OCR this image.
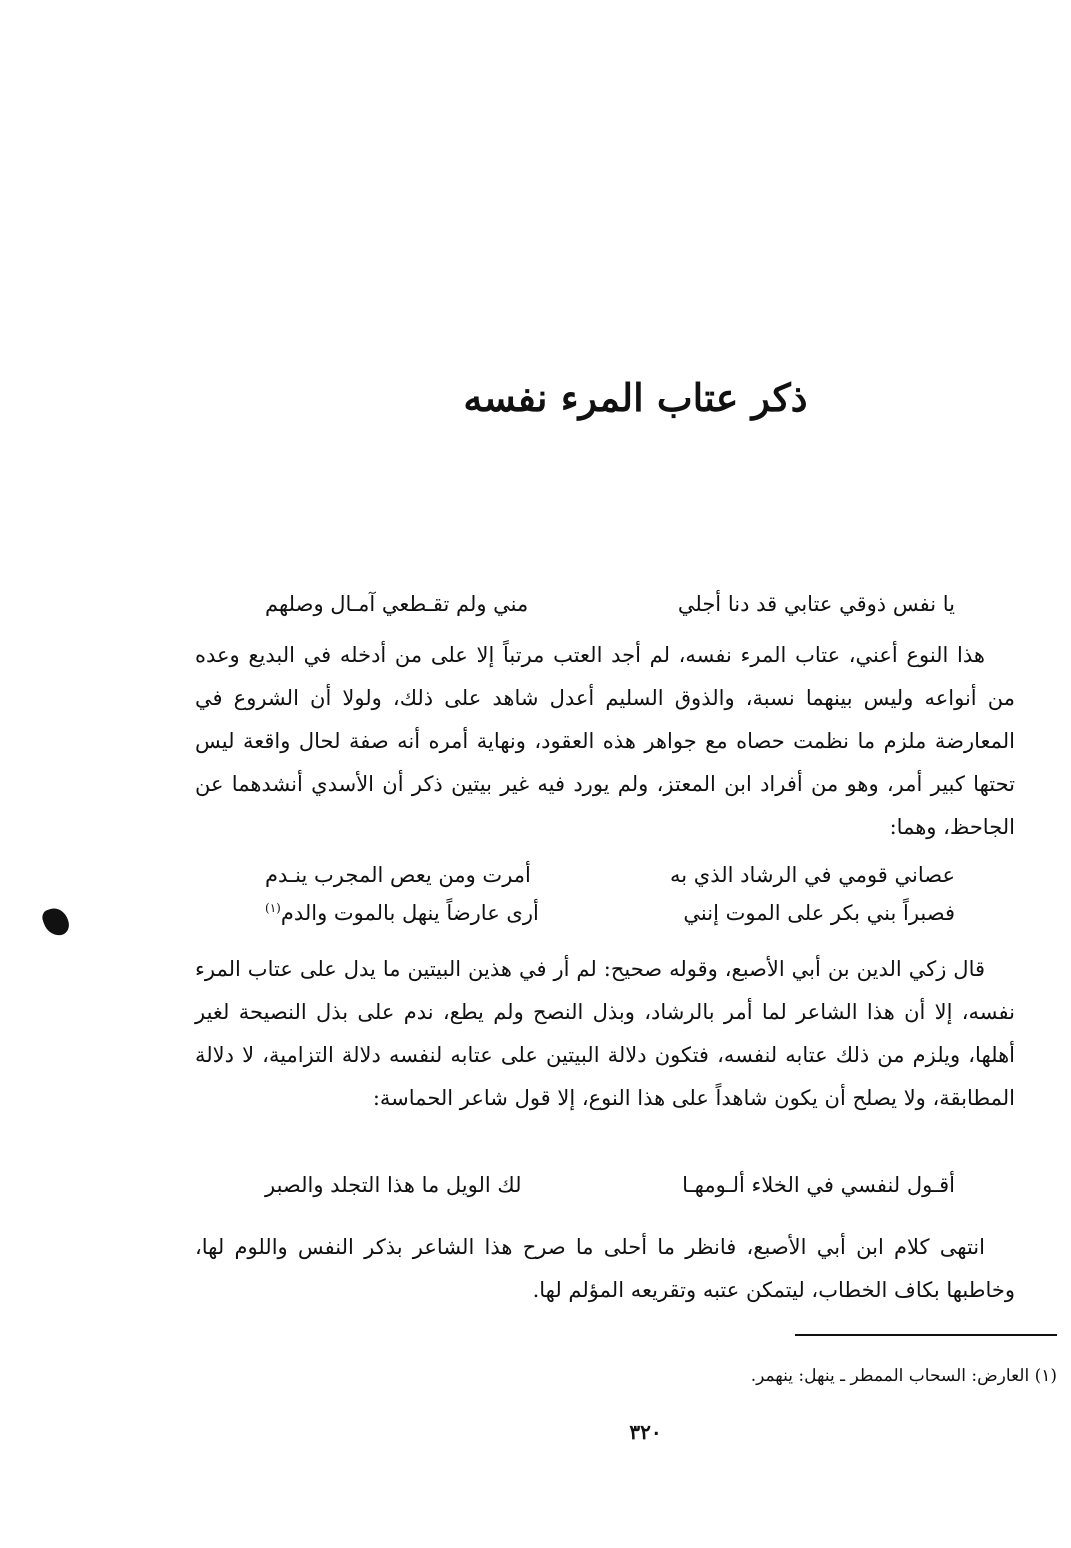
ذكر عتاب المرء نفسه
يا نفس ذوقي عتابي قد دنا أجلي
مني ولم تقـطعي آمـال وصلهم

هذا النوع أعني، عتاب المرء نفسه، لم أجد العتب مرتباً إلا على من أدخله في البديع وعده من أنواعه وليس بينهما نسبة، والذوق السليم أعدل شاهد على ذلك، ولولا أن الشروع في المعارضة ملزم ما نظمت حصاه مع جواهر هذه العقود، ونهاية أمره أنه صفة لحال واقعة ليس تحتها كبير أمر، وهو من أفراد ابن المعتز، ولم يورد فيه غير بيتين ذكر أن الأسدي أنشدهما عن الجاحظ، وهما:

عصاني قومي في الرشاد الذي به
أمرت ومن يعص المجرب ينـدم
فصبراً بني بكر على الموت إنني
أرى عارضاً ينهل بالموت والدم$^{(١)}$

قال زكي الدين بن أبي الأصبع، وقوله صحيح: لم أر في هذين البيتين ما يدل على عتاب المرء نفسه، إلا أن هذا الشاعر لما أمر بالرشاد، وبذل النصح ولم يطع، ندم على بذل النصيحة لغير أهلها، ويلزم من ذلك عتابه لنفسه، فتكون دلالة البيتين على عتابه لنفسه دلالة التزامية، لا دلالة المطابقة، ولا يصلح أن يكون شاهداً على هذا النوع، إلا قول شاعر الحماسة:

أقـول لنفسي في الخلاء ألـومهـا
لك الويل ما هذا التجلد والصبر

انتهى كلام ابن أبي الأصبع، فانظر ما أحلى ما صرح هذا الشاعر بذكر النفس واللوم لها، وخاطبها بكاف الخطاب، ليتمكن عتبه وتقريعه المؤلم لها.

(١) العارض: السحاب الممطر ـ ينهل: ينهمر.
٣٢٠
